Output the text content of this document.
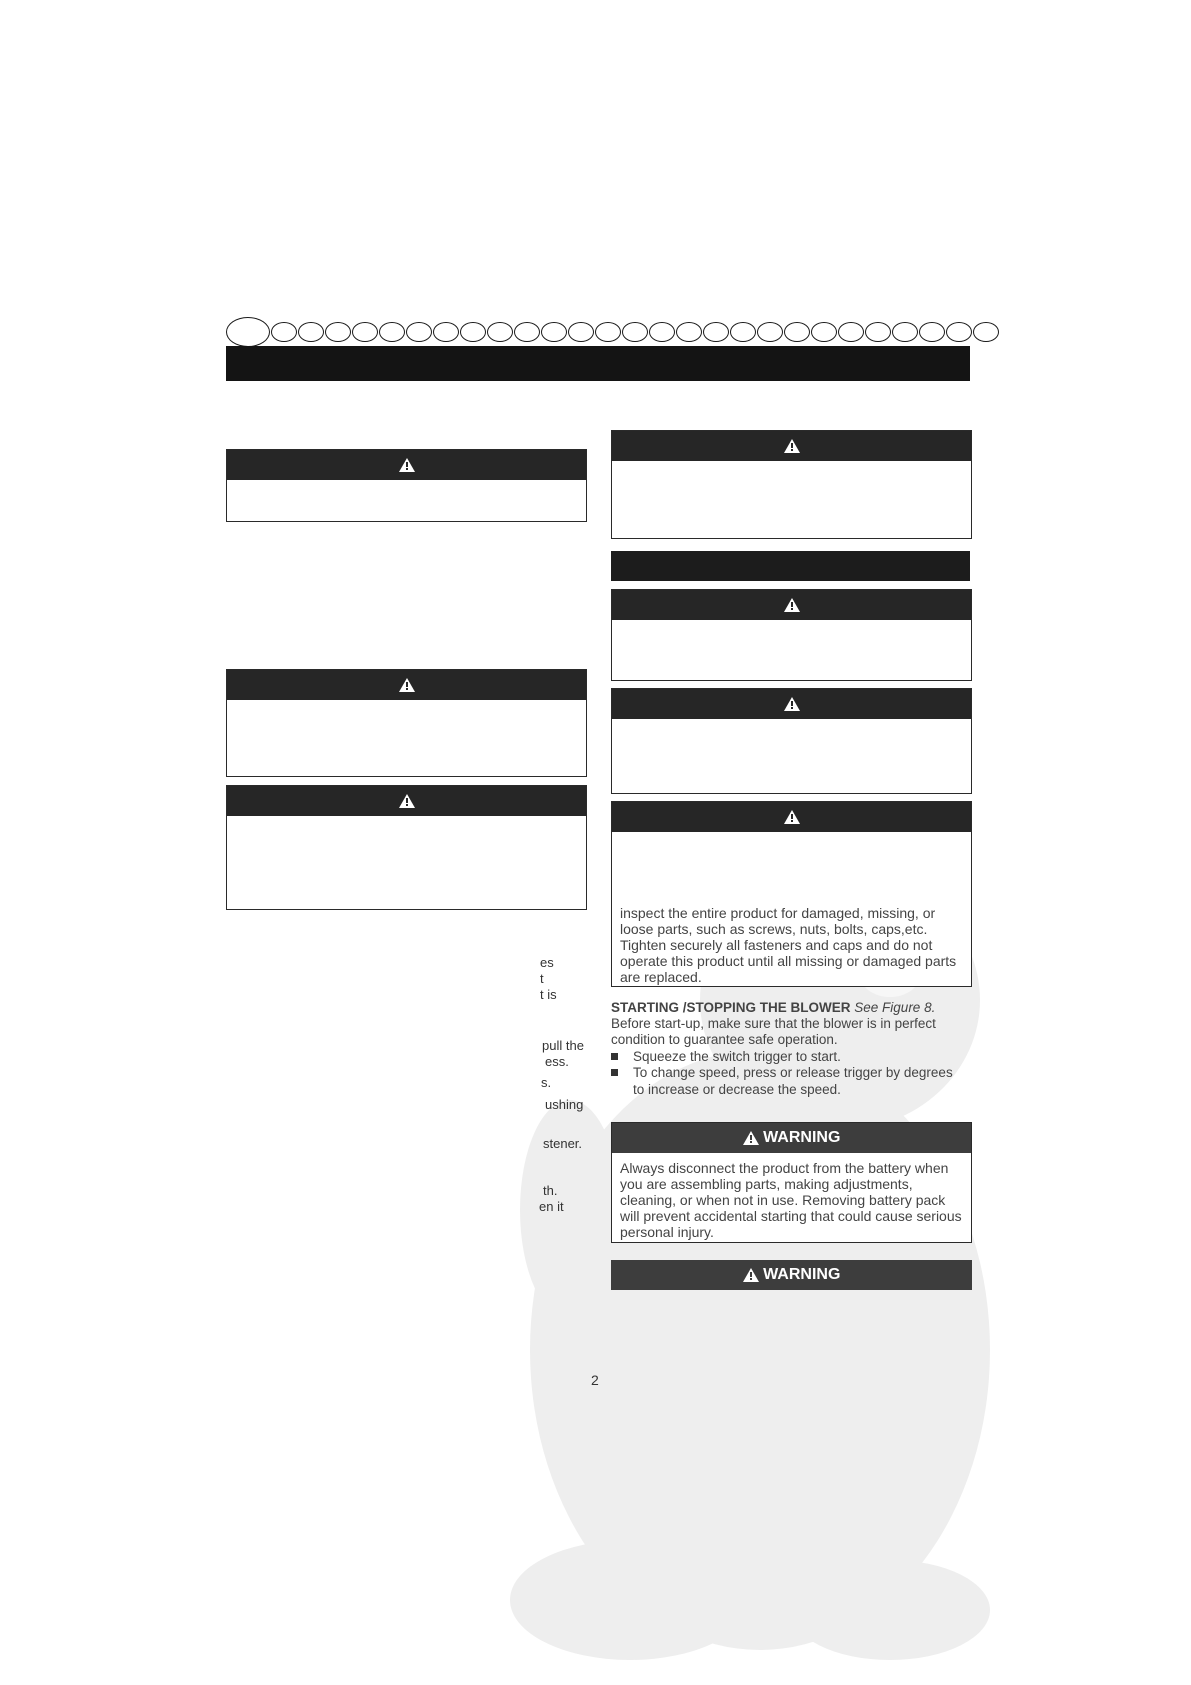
es
t
t is
pull the
ess.
s.
ushing
stener.
th.
en it
inspect the entire product for damaged, missing, or loose parts, such as screws, nuts, bolts, caps,etc. Tighten securely all fasteners and caps and do not operate this product until all missing or damaged parts are replaced.
STARTING /STOPPING THE BLOWER See Figure 8.
Before start-up, make sure that the blower is in perfect condition to guarantee safe operation.
Squeeze the switch trigger to start.
To change speed, press or release trigger by degrees
to increase or decrease the speed.
WARNING
Always disconnect the product from the battery when you are assembling parts, making adjustments, cleaning, or when not in use. Removing battery pack will prevent accidental starting that could cause serious personal injury.
WARNING
2
